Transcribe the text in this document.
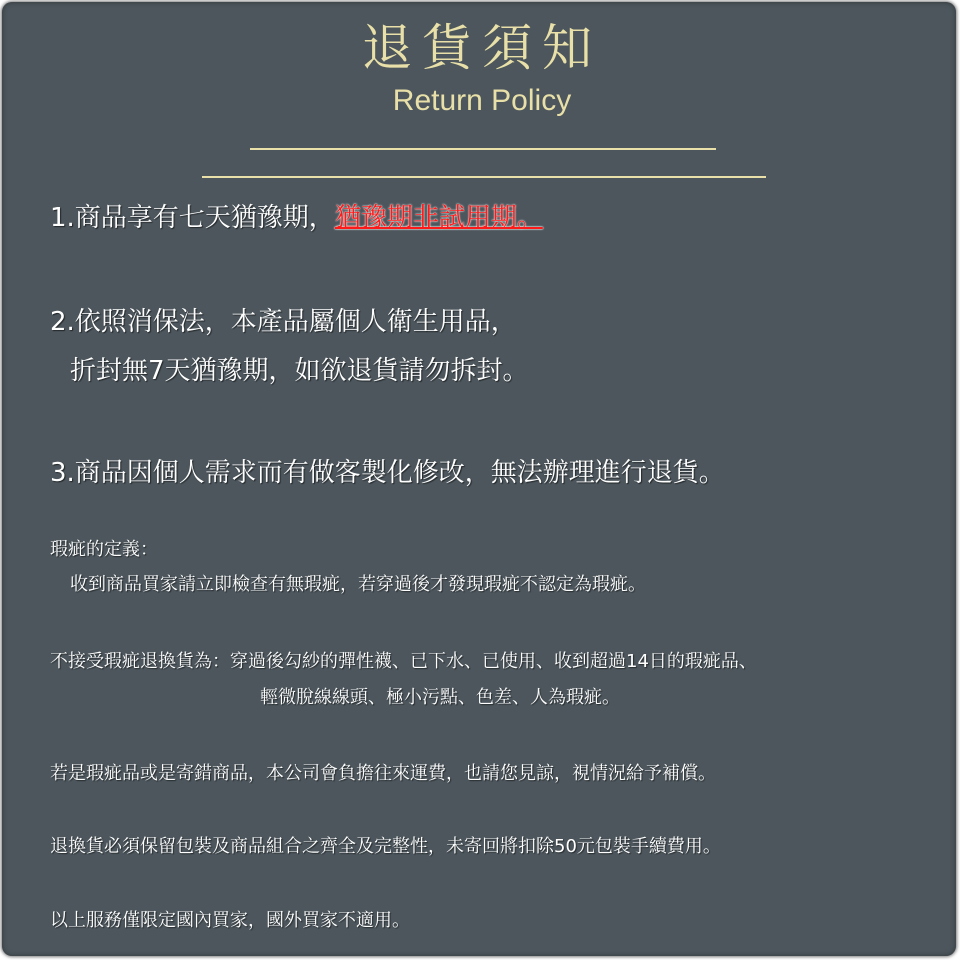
退貨須知
Return Policy
1.商品享有七天猶豫期，猶豫期非試用期。
2.依照消保法，本產品屬個人衛生用品，
折封無7天猶豫期，如欲退貨請勿拆封。
3.商品因個人需求而有做客製化修改，無法辦理進行退貨。
瑕疵的定義：
收到商品買家請立即檢查有無瑕疵，若穿過後才發現瑕疵不認定為瑕疵。
不接受瑕疵退換貨為：穿過後勾紗的彈性襪、已下水、已使用、收到超過14日的瑕疵品、
輕微脫線線頭、極小污點、色差、人為瑕疵。
若是瑕疵品或是寄錯商品，本公司會負擔往來運費，也請您見諒，視情況給予補償。
退換貨必須保留包裝及商品組合之齊全及完整性，未寄回將扣除50元包裝手續費用。
以上服務僅限定國內買家，國外買家不適用。
